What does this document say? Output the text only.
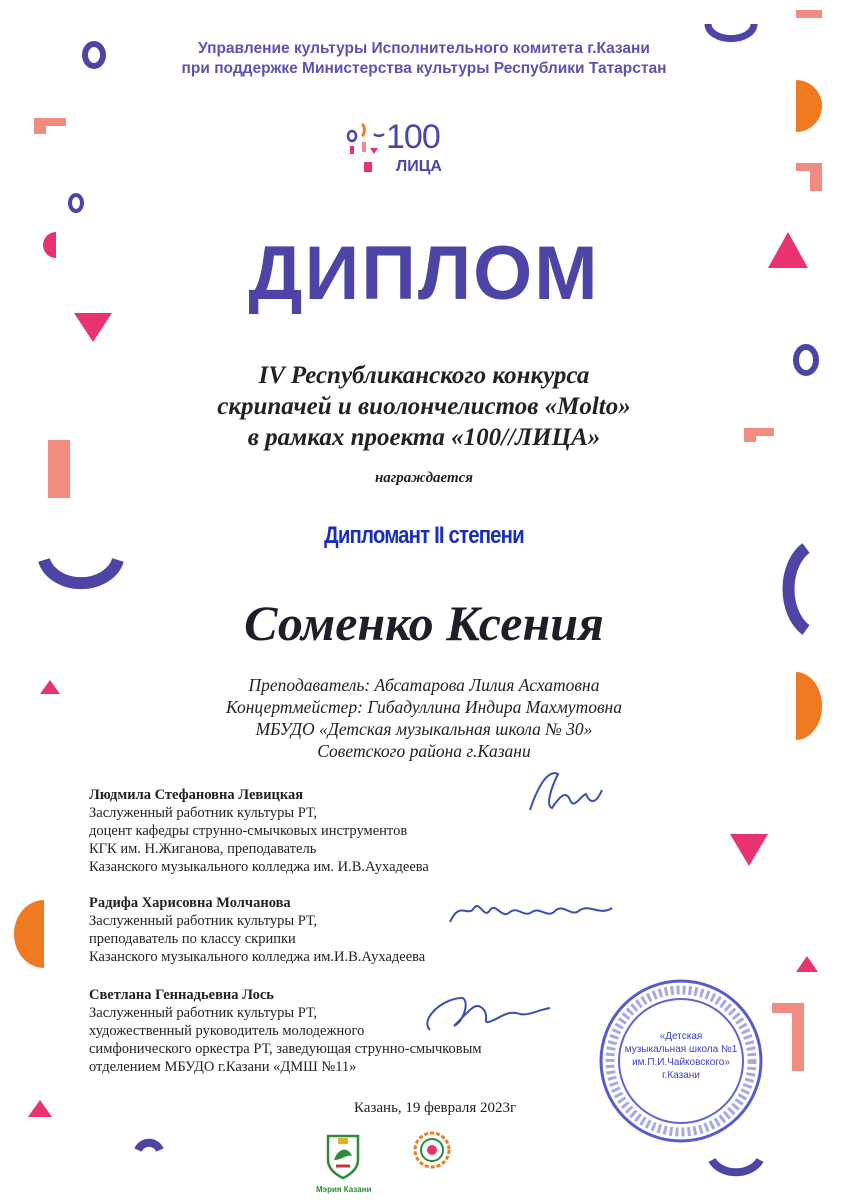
Управление культуры Исполнительного комитета г.Казани
при поддержке Министерства культуры Республики Татарстан
100
ЛИЦА
ДИПЛОМ
IV Республиканского конкурса
скрипачей и виолончелистов «Molto»
в рамках проекта «100//ЛИЦА»
награждается
Дипломант II степени
Соменко Ксения
Преподаватель: Абсатарова Лилия Асхатовна
Концертмейстер: Гибадуллина Индира Махмутовна
МБУДО «Детская музыкальная школа № 30»
Советского района г.Казани
Людмила Стефановна Левицкая
Заслуженный работник культуры РТ,
доцент кафедры струнно-смычковых инструментов
КГК им. Н.Жиганова, преподаватель
Казанского музыкального колледжа им. И.В.Аухадеева
Радифа Харисовна Молчанова
Заслуженный работник культуры РТ,
преподаватель по классу скрипки
Казанского музыкального колледжа им.И.В.Аухадеева
Светлана Геннадьевна Лось
Заслуженный работник культуры РТ,
художественный руководитель молодежного
симфонического оркестра РТ, заведующая струнно-смычковым
отделением МБУДО г.Казани «ДМШ №11»
«Детская
музыкальная школа №1
им.П.И.Чайковского»
г.Казани
Казань, 19 февраля 2023г
Мэрия Казани
